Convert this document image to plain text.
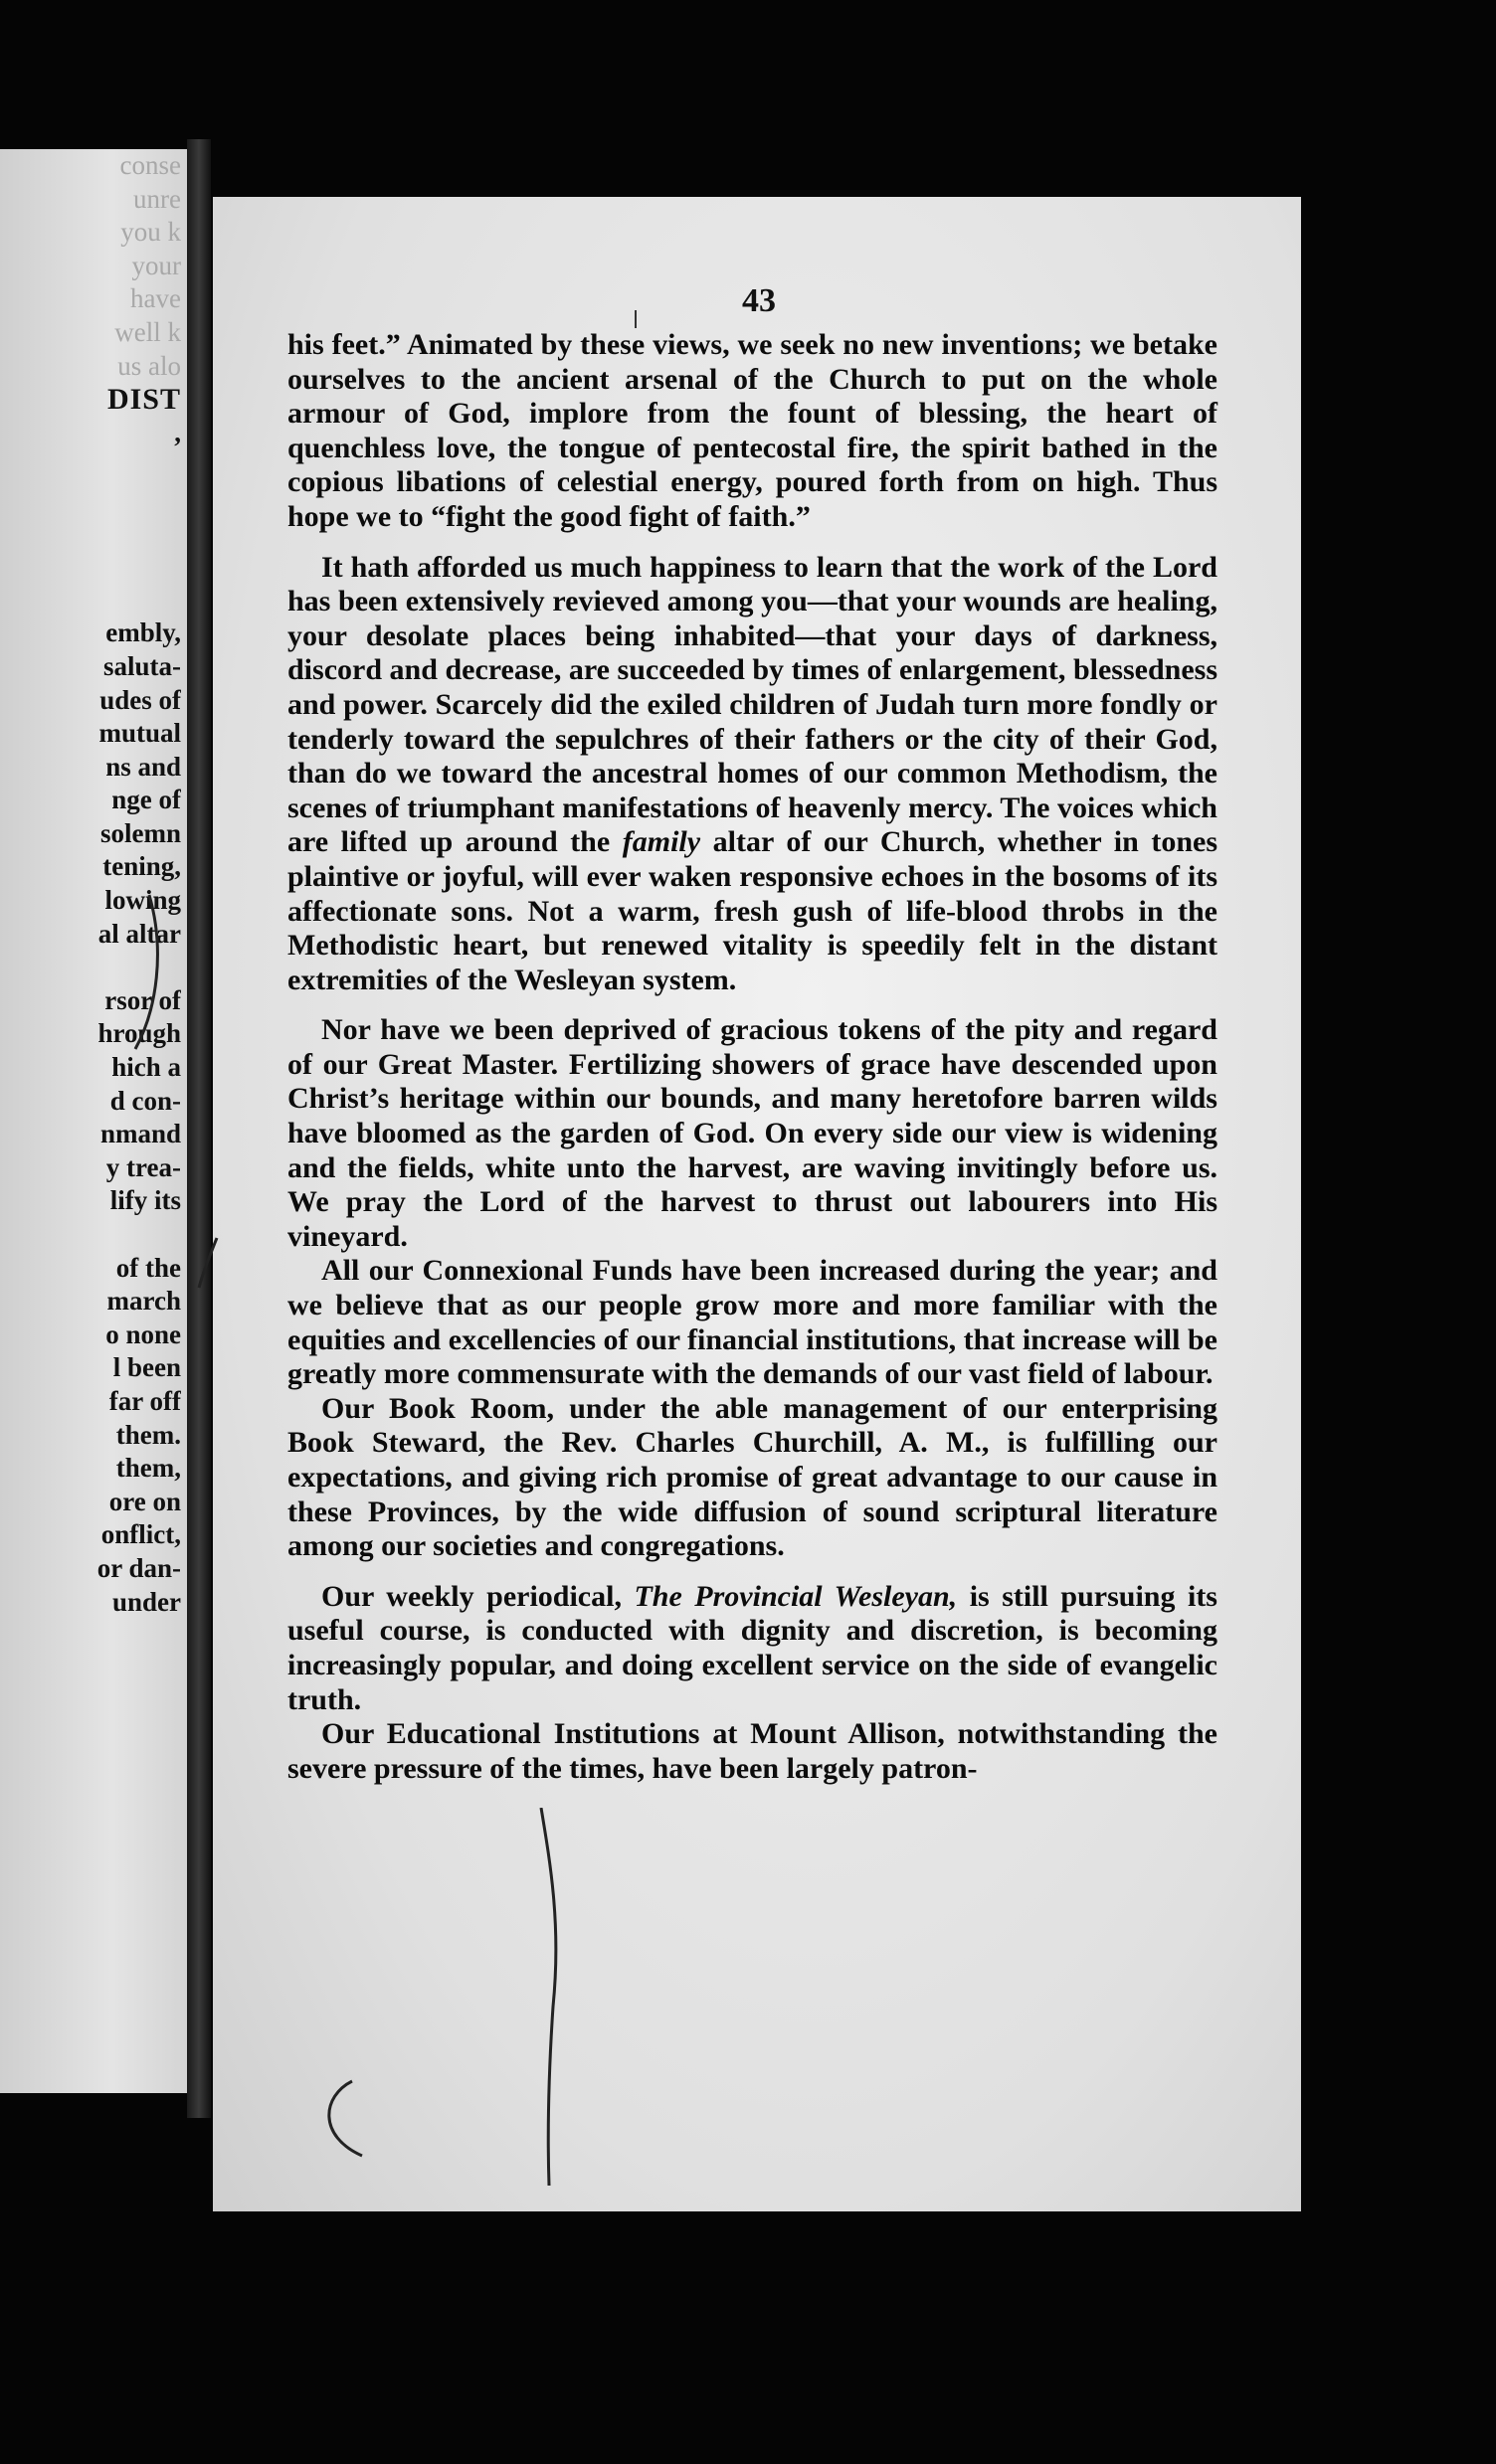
conse
unre
you k
your
have
well k
us alo
DIST
,
embly,
saluta-
udes of
mutual
ns and
nge of
solemn
tening,
lowing
al altar
rsor of
hrough
hich a
d con-
nmand
y trea-
lify its
of the
march
o none
l been
far off
them.
them,
ore on
onflict,
or dan-
under
43

his feet.” Animated by these views, we seek no new inventions; we betake ourselves to the ancient arsenal of the Church to put on the whole armour of God, implore from the fount of blessing, the heart of quenchless love, the tongue of pentecostal fire, the spirit bathed in the copious libations of celestial energy, poured forth from on high. Thus hope we to “fight the good fight of faith.”

It hath afforded us much happiness to learn that the work of the Lord has been extensively revieved among you—that your wounds are healing, your desolate places being inhabited—that your days of darkness, discord and decrease, are succeeded by times of enlargement, blessedness and power. Scarcely did the exiled children of Judah turn more fondly or tenderly toward the sepulchres of their fathers or the city of their God, than do we toward the ancestral homes of our common Methodism, the scenes of triumphant manifestations of heavenly mercy. The voices which are lifted up around the family altar of our Church, whether in tones plaintive or joyful, will ever waken responsive echoes in the bosoms of its affectionate sons. Not a warm, fresh gush of life-blood throbs in the Methodistic heart, but renewed vitality is speedily felt in the distant extremities of the Wesleyan system.

Nor have we been deprived of gracious tokens of the pity and regard of our Great Master. Fertilizing showers of grace have descended upon Christ’s heritage within our bounds, and many heretofore barren wilds have bloomed as the garden of God. On every side our view is widening and the fields, white unto the harvest, are waving invitingly before us. We pray the Lord of the harvest to thrust out labourers into His vineyard.

All our Connexional Funds have been increased during the year; and we believe that as our people grow more and more familiar with the equities and excellencies of our financial institutions, that increase will be greatly more commensurate with the demands of our vast field of labour.

Our Book Room, under the able management of our enterprising Book Steward, the Rev. Charles Churchill, A. M., is fulfilling our expectations, and giving rich promise of great advantage to our cause in these Provinces, by the wide diffusion of sound scriptural literature among our societies and congregations.

Our weekly periodical, The Provincial Wesleyan, is still pursuing its useful course, is conducted with dignity and discretion, is becoming increasingly popular, and doing excellent service on the side of evangelic truth.

Our Educational Institutions at Mount Allison, notwithstanding the severe pressure of the times, have been largely patron-
